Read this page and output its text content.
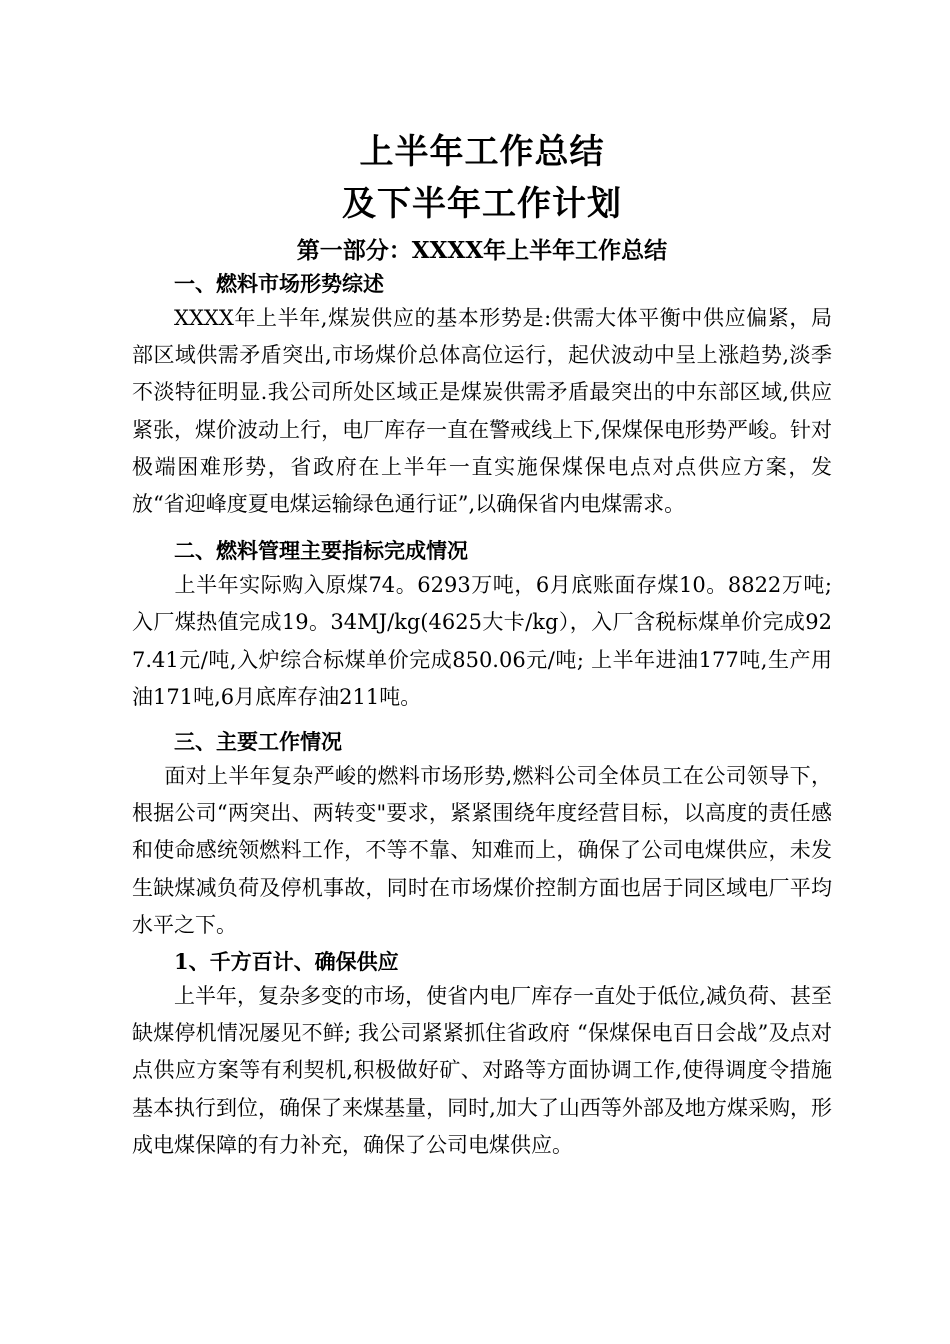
上半年工作总结
及下半年工作计划
第一部分：XXXX年上半年工作总结
一、燃料市场形势综述

XXXX年上半年,煤炭供应的基本形势是:供需大体平衡中供应偏紧，局部区域供需矛盾突出,市场煤价总体高位运行，起伏波动中呈上涨趋势,淡季不淡特征明显.我公司所处区域正是煤炭供需矛盾最突出的中东部区域,供应紧张，煤价波动上行，电厂库存一直在警戒线上下,保煤保电形势严峻。针对极端困难形势，省政府在上半年一直实施保煤保电点对点供应方案，发放“省迎峰度夏电煤运输绿色通行证”,以确保省内电煤需求。

二、燃料管理主要指标完成情况

上半年实际购入原煤74。6293万吨，6月底账面存煤10。8822万吨;入厂煤热值完成19。34MJ/kg(4625大卡/kg），入厂含税标煤单价完成927.41元/吨,入炉综合标煤单价完成850.06元/吨; 上半年进油177吨,生产用油171吨,6月底库存油211吨。

三、主要工作情况

面对上半年复杂严峻的燃料市场形势,燃料公司全体员工在公司领导下，根据公司“两突出、两转变"要求，紧紧围绕年度经营目标，以高度的责任感和使命感统领燃料工作，不等不靠、知难而上，确保了公司电煤供应，未发生缺煤减负荷及停机事故，同时在市场煤价控制方面也居于同区域电厂平均水平之下。

1、千方百计、确保供应

上半年，复杂多变的市场，使省内电厂库存一直处于低位,减负荷、甚至缺煤停机情况屡见不鲜; 我公司紧紧抓住省政府 “保煤保电百日会战”及点对点供应方案等有利契机,积极做好矿、对路等方面协调工作,使得调度令措施基本执行到位，确保了来煤基量，同时,加大了山西等外部及地方煤采购，形成电煤保障的有力补充，确保了公司电煤供应。
